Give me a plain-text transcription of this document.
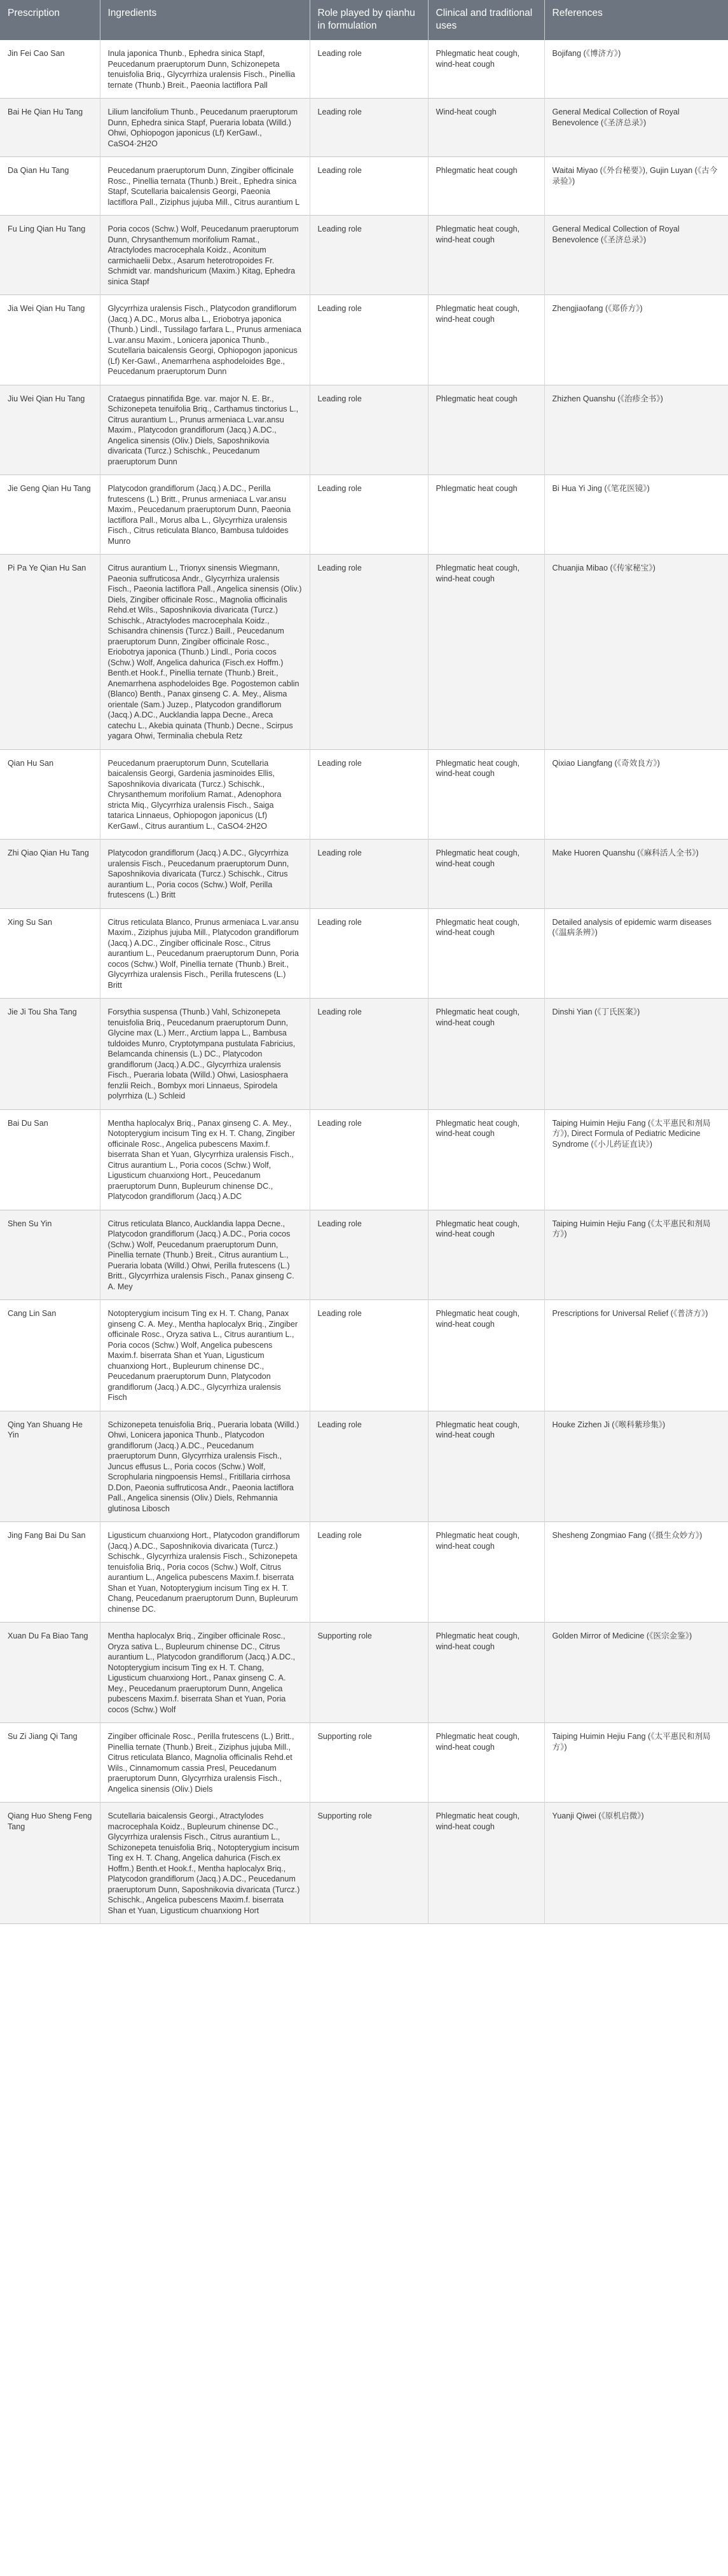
Prescription	Ingredients	Role played by qianhu in formulation	Clinical and traditional uses	References
Jin Fei Cao San	Inula japonica Thunb., Ephedra sinica Stapf, Peucedanum praeruptorum Dunn, Schizonepeta tenuisfolia Briq., Glycyrrhiza uralensis Fisch., Pinellia ternate (Thunb.) Breit., Paeonia lactiflora Pall	Leading role	Phlegmatic heat cough, wind-heat cough	Bojifang (《博济方》)
Bai He Qian Hu Tang	Lilium lancifolium Thunb., Peucedanum praeruptorum Dunn, Ephedra sinica Stapf, Pueraria lobata (Willd.) Ohwi, Ophiopogon japonicus (Lf) KerGawl., CaSO4·2H2O	Leading role	Wind-heat cough	General Medical Collection of Royal Benevolence (《圣济总录》)
Da Qian Hu Tang	Peucedanum praeruptorum Dunn, Zingiber officinale Rosc., Pinellia ternata (Thunb.) Breit., Ephedra sinica Stapf, Scutellaria baicalensis Georgi, Paeonia lactiflora Pall., Ziziphus jujuba Mill., Citrus aurantium L	Leading role	Phlegmatic heat cough	Waitai Miyao (《外台秘要》), Gujin Luyan (《古今录验》)
Fu Ling Qian Hu Tang	Poria cocos (Schw.) Wolf, Peucedanum praeruptorum Dunn, Chrysanthemum morifolium Ramat., Atractylodes macrocephala Koidz., Aconitum carmichaelii Debx., Asarum heterotropoides Fr. Schmidt var. mandshuricum (Maxim.) Kitag, Ephedra sinica Stapf	Leading role	Phlegmatic heat cough, wind-heat cough	General Medical Collection of Royal Benevolence (《圣济总录》)
Jia Wei Qian Hu Tang	Glycyrrhiza uralensis Fisch., Platycodon grandiflorum (Jacq.) A.DC., Morus alba L., Eriobotrya japonica (Thunb.) Lindl., Tussilago farfara L., Prunus armeniaca L.var.ansu Maxim., Lonicera japonica Thunb., Scutellaria baicalensis Georgi, Ophiopogon japonicus (Lf) Ker-Gawl., Anemarrhena asphodeloides Bge., Peucedanum praeruptorum Dunn	Leading role	Phlegmatic heat cough, wind-heat cough	Zhengjiaofang (《郑侨方》)
Jiu Wei Qian Hu Tang	Crataegus pinnatifida Bge. var. major N. E. Br., Schizonepeta tenuifolia Briq., Carthamus tinctorius L., Citrus aurantium L., Prunus armeniaca L.var.ansu Maxim., Platycodon grandiflorum (Jacq.) A.DC., Angelica sinensis (Oliv.) Diels, Saposhnikovia divaricata (Turcz.) Schischk., Peucedanum praeruptorum Dunn	Leading role	Phlegmatic heat cough	Zhizhen Quanshu (《治疹全书》)
Jie Geng Qian Hu Tang	Platycodon grandiflorum (Jacq.) A.DC., Perilla frutescens (L.) Britt., Prunus armeniaca L.var.ansu Maxim., Peucedanum praeruptorum Dunn, Paeonia lactiflora Pall., Morus alba L., Glycyrrhiza uralensis Fisch., Citrus reticulata Blanco, Bambusa tuldoides Munro	Leading role	Phlegmatic heat cough	Bi Hua Yi Jing (《笔花医镜》)
Pi Pa Ye Qian Hu San	Citrus aurantium L., Trionyx sinensis Wiegmann, Paeonia suffruticosa Andr., Glycyrrhiza uralensis Fisch., Paeonia lactiflora Pall., Angelica sinensis (Oliv.) Diels, Zingiber officinale Rosc., Magnolia officinalis Rehd.et Wils., Saposhnikovia divaricata (Turcz.) Schischk., Atractylodes macrocephala Koidz., Schisandra chinensis (Turcz.) Baill., Peucedanum praeruptorum Dunn, Zingiber officinale Rosc., Eriobotrya japonica (Thunb.) Lindl., Poria cocos (Schw.) Wolf, Angelica dahurica (Fisch.ex Hoffm.) Benth.et Hook.f., Pinellia ternate (Thunb.) Breit., Anemarrhena asphodeloides Bge. Pogostemon cablin (Blanco) Benth., Panax ginseng C. A. Mey., Alisma orientale (Sam.) Juzep., Platycodon grandiflorum (Jacq.) A.DC., Aucklandia lappa Decne., Areca catechu L., Akebia quinata (Thunb.) Decne., Scirpus yagara Ohwi, Terminalia chebula Retz	Leading role	Phlegmatic heat cough, wind-heat cough	Chuanjia Mibao (《传家秘宝》)
Qian Hu San	Peucedanum praeruptorum Dunn, Scutellaria baicalensis Georgi, Gardenia jasminoides Ellis, Saposhnikovia divaricata (Turcz.) Schischk., Chrysanthemum morifolium Ramat., Adenophora stricta Miq., Glycyrrhiza uralensis Fisch., Saiga tatarica Linnaeus, Ophiopogon japonicus (Lf) KerGawl., Citrus aurantium L., CaSO4·2H2O	Leading role	Phlegmatic heat cough, wind-heat cough	Qixiao Liangfang (《奇效良方》)
Zhi Qiao Qian Hu Tang	Platycodon grandiflorum (Jacq.) A.DC., Glycyrrhiza uralensis Fisch., Peucedanum praeruptorum Dunn, Saposhnikovia divaricata (Turcz.) Schischk., Citrus aurantium L., Poria cocos (Schw.) Wolf, Perilla frutescens (L.) Britt	Leading role	Phlegmatic heat cough, wind-heat cough	Make Huoren Quanshu (《麻科活人全书》)
Xing Su San	Citrus reticulata Blanco, Prunus armeniaca L.var.ansu Maxim., Ziziphus jujuba Mill., Platycodon grandiflorum (Jacq.) A.DC., Zingiber officinale Rosc., Citrus aurantium L., Peucedanum praeruptorum Dunn, Poria cocos (Schw.) Wolf, Pinellia ternate (Thunb.) Breit., Glycyrrhiza uralensis Fisch., Perilla frutescens (L.) Britt	Leading role	Phlegmatic heat cough, wind-heat cough	Detailed analysis of epidemic warm diseases (《温病条辨》)
Jie Ji Tou Sha Tang	Forsythia suspensa (Thunb.) Vahl, Schizonepeta tenuisfolia Briq., Peucedanum praeruptorum Dunn, Glycine max (L.) Merr., Arctium lappa L., Bambusa tuldoides Munro, Cryptotympana pustulata Fabricius, Belamcanda chinensis (L.) DC., Platycodon grandiflorum (Jacq.) A.DC., Glycyrrhiza uralensis Fisch., Pueraria lobata (Willd.) Ohwi, Lasiosphaera fenzlii Reich., Bombyx mori Linnaeus, Spirodela polyrrhiza (L.) Schleid	Leading role	Phlegmatic heat cough, wind-heat cough	Dinshi Yian (《丁氏医案》)
Bai Du San	Mentha haplocalyx Briq., Panax ginseng C. A. Mey., Notopterygium incisum Ting ex H. T. Chang, Zingiber officinale Rosc., Angelica pubescens Maxim.f. biserrata Shan et Yuan, Glycyrrhiza uralensis Fisch., Citrus aurantium L., Poria cocos (Schw.) Wolf, Ligusticum chuanxiong Hort., Peucedanum praeruptorum Dunn, Bupleurum chinense DC., Platycodon grandiflorum (Jacq.) A.DC	Leading role	Phlegmatic heat cough, wind-heat cough	Taiping Huimin Hejiu Fang (《太平惠民和剂局方》), Direct Formula of Pediatric Medicine Syndrome (《小儿药证直诀》)
Shen Su Yin	Citrus reticulata Blanco, Aucklandia lappa Decne., Platycodon grandiflorum (Jacq.) A.DC., Poria cocos (Schw.) Wolf, Peucedanum praeruptorum Dunn, Pinellia ternate (Thunb.) Breit., Citrus aurantium L., Pueraria lobata (Willd.) Ohwi, Perilla frutescens (L.) Britt., Glycyrrhiza uralensis Fisch., Panax ginseng C. A. Mey	Leading role	Phlegmatic heat cough, wind-heat cough	Taiping Huimin Hejiu Fang (《太平惠民和剂局方》)
Cang Lin San	Notopterygium incisum Ting ex H. T. Chang, Panax ginseng C. A. Mey., Mentha haplocalyx Briq., Zingiber officinale Rosc., Oryza sativa L., Citrus aurantium L., Poria cocos (Schw.) Wolf, Angelica pubescens Maxim.f. biserrata Shan et Yuan, Ligusticum chuanxiong Hort., Bupleurum chinense DC., Peucedanum praeruptorum Dunn, Platycodon grandiflorum (Jacq.) A.DC., Glycyrrhiza uralensis Fisch	Leading role	Phlegmatic heat cough, wind-heat cough	Prescriptions for Universal Relief (《普济方》)
Qing Yan Shuang He Yin	Schizonepeta tenuisfolia Briq., Pueraria lobata (Willd.) Ohwi, Lonicera japonica Thunb., Platycodon grandiflorum (Jacq.) A.DC., Peucedanum praeruptorum Dunn, Glycyrrhiza uralensis Fisch., Juncus effusus L., Poria cocos (Schw.) Wolf, Scrophularia ningpoensis Hemsl., Fritillaria cirrhosa D.Don, Paeonia suffruticosa Andr., Paeonia lactiflora Pall., Angelica sinensis (Oliv.) Diels, Rehmannia glutinosa Libosch	Leading role	Phlegmatic heat cough, wind-heat cough	Houke Zizhen Ji (《喉科紫珍集》)
Jing Fang Bai Du San	Ligusticum chuanxiong Hort., Platycodon grandiflorum (Jacq.) A.DC., Saposhnikovia divaricata (Turcz.) Schischk., Glycyrrhiza uralensis Fisch., Schizonepeta tenuisfolia Briq., Poria cocos (Schw.) Wolf, Citrus aurantium L., Angelica pubescens Maxim.f. biserrata Shan et Yuan, Notopterygium incisum Ting ex H. T. Chang, Peucedanum praeruptorum Dunn, Bupleurum chinense DC.	Leading role	Phlegmatic heat cough, wind-heat cough	Shesheng Zongmiao Fang (《摄生众妙方》)
Xuan Du Fa Biao Tang	Mentha haplocalyx Briq., Zingiber officinale Rosc., Oryza sativa L., Bupleurum chinense DC., Citrus aurantium L., Platycodon grandiflorum (Jacq.) A.DC., Notopterygium incisum Ting ex H. T. Chang, Ligusticum chuanxiong Hort., Panax ginseng C. A. Mey., Peucedanum praeruptorum Dunn, Angelica pubescens Maxim.f. biserrata Shan et Yuan, Poria cocos (Schw.) Wolf	Supporting role	Phlegmatic heat cough, wind-heat cough	Golden Mirror of Medicine (《医宗金鉴》)
Su Zi Jiang Qi Tang	Zingiber officinale Rosc., Perilla frutescens (L.) Britt., Pinellia ternate (Thunb.) Breit., Ziziphus jujuba Mill., Citrus reticulata Blanco, Magnolia officinalis Rehd.et Wils., Cinnamomum cassia Presl, Peucedanum praeruptorum Dunn, Glycyrrhiza uralensis Fisch., Angelica sinensis (Oliv.) Diels	Supporting role	Phlegmatic heat cough, wind-heat cough	Taiping Huimin Hejiu Fang (《太平惠民和剂局方》)
Qiang Huo Sheng Feng Tang	Scutellaria baicalensis Georgi., Atractylodes macrocephala Koidz., Bupleurum chinense DC., Glycyrrhiza uralensis Fisch., Citrus aurantium L., Schizonepeta tenuisfolia Briq., Notopterygium incisum Ting ex H. T. Chang, Angelica dahurica (Fisch.ex Hoffm.) Benth.et Hook.f., Mentha haplocalyx Briq., Platycodon grandiflorum (Jacq.) A.DC., Peucedanum praeruptorum Dunn, Saposhnikovia divaricata (Turcz.) Schischk., Angelica pubescens Maxim.f. biserrata Shan et Yuan, Ligusticum chuanxiong Hort	Supporting role	Phlegmatic heat cough, wind-heat cough	Yuanji Qiwei (《原机启微》)
